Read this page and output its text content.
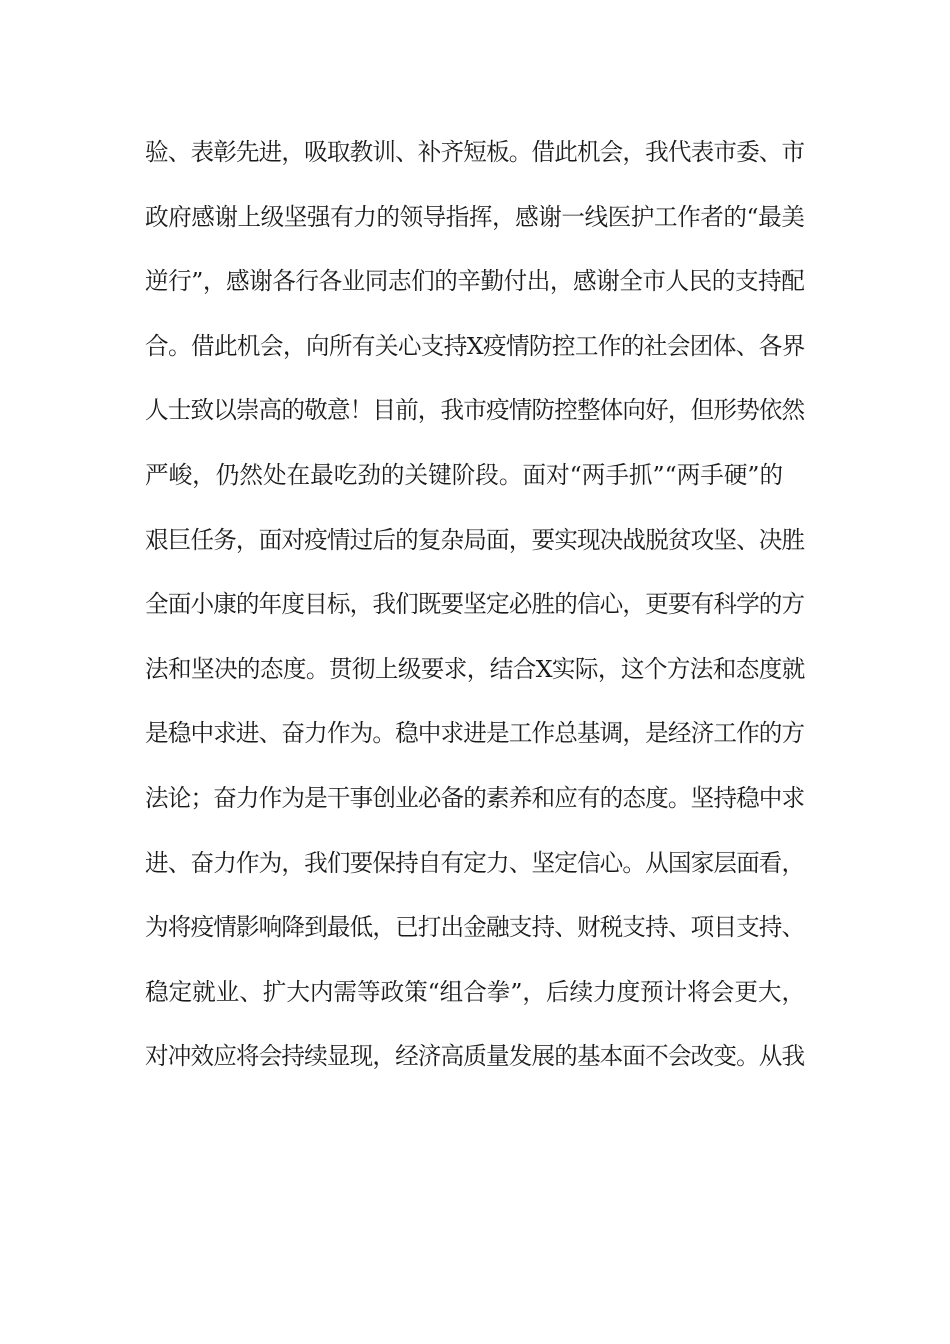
验、表彰先进，吸取教训、补齐短板。借此机会，我代表市委、市
政府感谢上级坚强有力的领导指挥，感谢一线医护工作者的“最美
逆行”，感谢各行各业同志们的辛勤付出，感谢全市人民的支持配
合。借此机会，向所有关心支持X疫情防控工作的社会团体、各界
人士致以崇高的敬意！目前，我市疫情防控整体向好，但形势依然
严峻，仍然处在最吃劲的关键阶段。面对“两手抓”“两手硬”的
艰巨任务，面对疫情过后的复杂局面，要实现决战脱贫攻坚、决胜
全面小康的年度目标，我们既要坚定必胜的信心，更要有科学的方
法和坚决的态度。贯彻上级要求，结合X实际，这个方法和态度就
是稳中求进、奋力作为。稳中求进是工作总基调，是经济工作的方
法论；奋力作为是干事创业必备的素养和应有的态度。坚持稳中求
进、奋力作为，我们要保持自有定力、坚定信心。从国家层面看，
为将疫情影响降到最低，已打出金融支持、财税支持、项目支持、
稳定就业、扩大内需等政策“组合拳”，后续力度预计将会更大，
对冲效应将会持续显现，经济高质量发展的基本面不会改变。从我
